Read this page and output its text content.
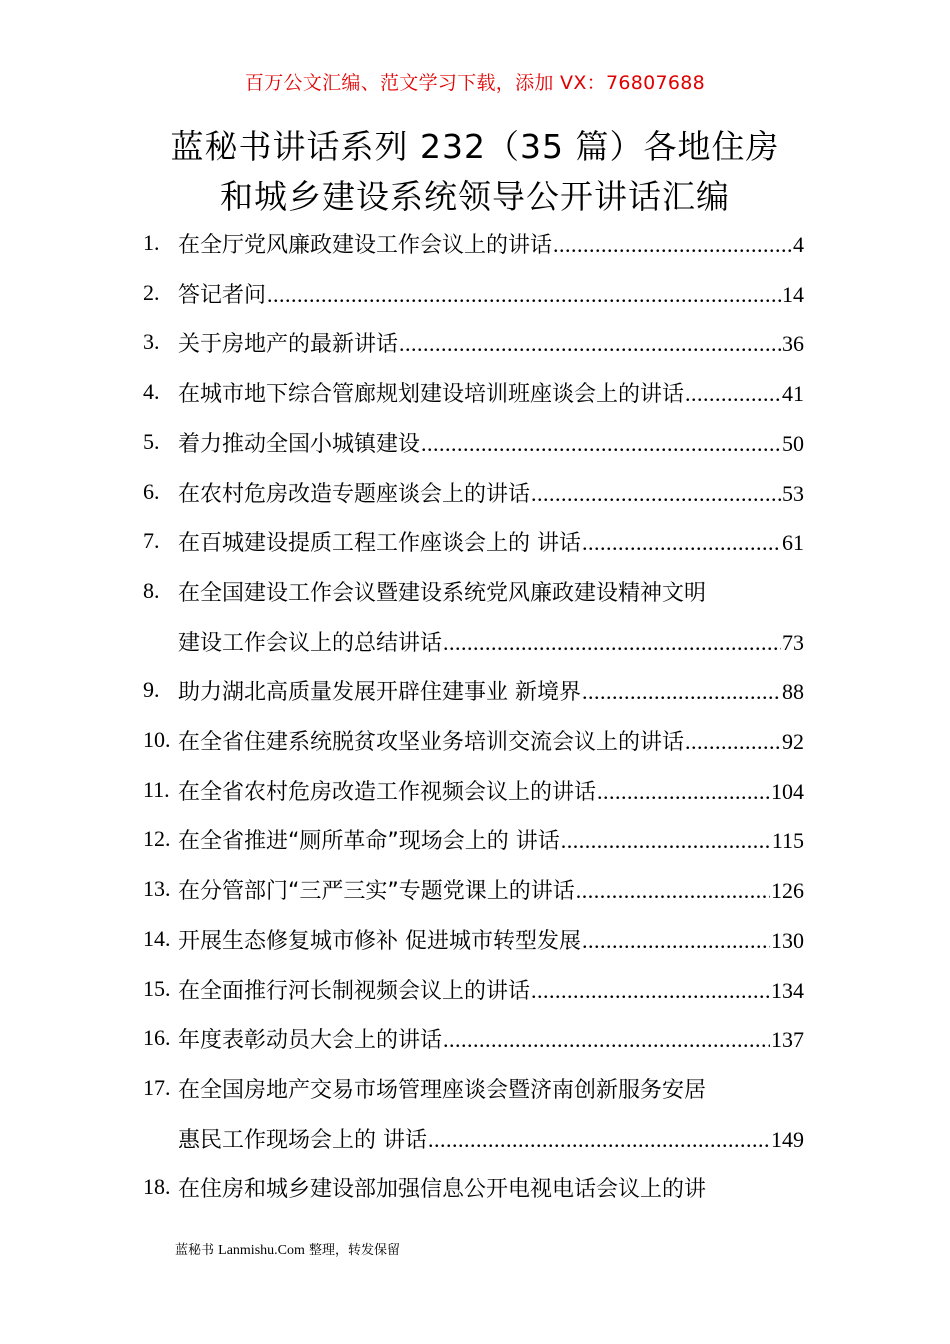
百万公文汇编、范文学习下载，添加 VX：76807688
蓝秘书讲话系列 232（35 篇）各地住房
和城乡建设系统领导公开讲话汇编
1. 在全厅党风廉政建设工作会议上的讲话 .....	4
2. 答记者问 .....	14
3. 关于房地产的最新讲话 .....	36
4. 在城市地下综合管廊规划建设培训班座谈会上的讲话 .....	41
5. 着力推动全国小城镇建设 .....	50
6. 在农村危房改造专题座谈会上的讲话 .....	53
7. 在百城建设提质工程工作座谈会上的 讲话 .....	61
8. 在全国建设工作会议暨建设系统党风廉政建设精神文明
建设工作会议上的总结讲话 .....	73
9. 助力湖北高质量发展开辟住建事业 新境界 .....	88
10. 在全省住建系统脱贫攻坚业务培训交流会议上的讲话 .....	92
11. 在全省农村危房改造工作视频会议上的讲话 .....	104
12. 在全省推进“厕所革命”现场会上的 讲话 .....	115
13. 在分管部门“三严三实”专题党课上的讲话 .....	126
14. 开展生态修复城市修补 促进城市转型发展 .....	130
15. 在全面推行河长制视频会议上的讲话 .....	134
16. 年度表彰动员大会上的讲话 .....	137
17. 在全国房地产交易市场管理座谈会暨济南创新服务安居
惠民工作现场会上的 讲话 .....	149
18. 在住房和城乡建设部加强信息公开电视电话会议上的讲
蓝秘书 Lanmishu.Com 整理，转发保留
